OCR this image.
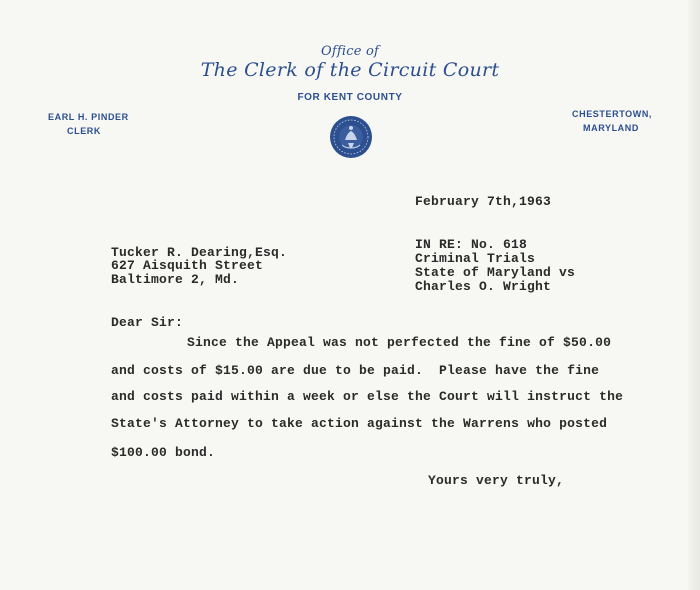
Office of
The Clerk of the Circuit Court
FOR KENT COUNTY
EARL H. PINDER
CLERK
CHESTERTOWN,
MARYLAND
February 7th,1963
Tucker R. Dearing,Esq.
627 Aisquith Street
Baltimore 2, Md.
IN RE: No. 618
Criminal Trials
State of Maryland vs
Charles O. Wright
Dear Sir:
Since the Appeal was not perfected the fine of $50.00
and costs of $15.00 are due to be paid.  Please have the fine
and costs paid within a week or else the Court will instruct the
State's Attorney to take action against the Warrens who posted
$100.00 bond.
Yours very truly,
